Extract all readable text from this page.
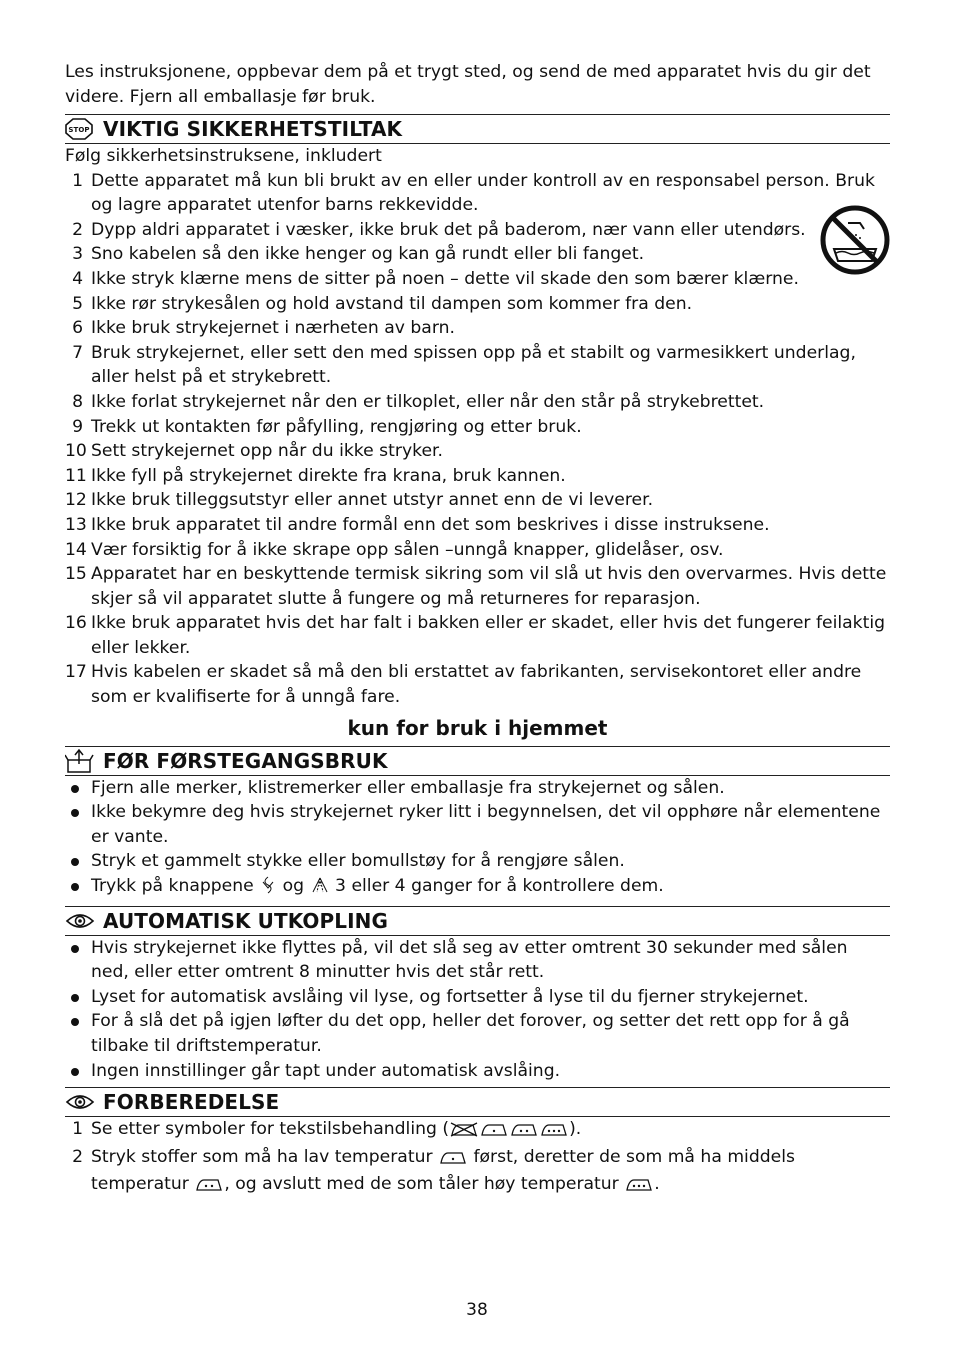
Les instruksjonene, oppbevar dem på et trygt sted, og send de med apparatet hvis du gir det videre. Fjern all emballasje før bruk.

STOP VIKTIG SIKKERHETSTILTAK
Følg sikkerhetsinstruksene, inkludert
1 Dette apparatet må kun bli brukt av en eller under kontroll av en responsabel person. Bruk og lagre apparatet utenfor barns rekkevidde.
2 Dypp aldri apparatet i væsker, ikke bruk det på baderom, nær vann eller utendørs.
3 Sno kabelen så den ikke henger og kan gå rundt eller bli fanget.
4 Ikke stryk klærne mens de sitter på noen – dette vil skade den som bærer klærne.
5 Ikke rør strykesålen og hold avstand til dampen som kommer fra den.
6 Ikke bruk strykejernet i nærheten av barn.
7 Bruk strykejernet, eller sett den med spissen opp på et stabilt og varmesikkert underlag, aller helst på et strykebrett.
8 Ikke forlat strykejernet når den er tilkoplet, eller når den står på strykebrettet.
9 Trekk ut kontakten før påfylling, rengjøring og etter bruk.
10 Sett strykejernet opp når du ikke stryker.
11 Ikke fyll på strykejernet direkte fra krana, bruk kannen.
12 Ikke bruk tilleggsutstyr eller annet utstyr annet enn de vi leverer.
13 Ikke bruk apparatet til andre formål enn det som beskrives i disse instruksene.
14 Vær forsiktig for å ikke skrape opp sålen –unngå knapper, glidelåser, osv.
15 Apparatet har en beskyttende termisk sikring som vil slå ut hvis den overvarmes. Hvis dette skjer så vil apparatet slutte å fungere og må returneres for reparasjon.
16 Ikke bruk apparatet hvis det har falt i bakken eller er skadet, eller hvis det fungerer feilaktig eller lekker.
17 Hvis kabelen er skadet så må den bli erstattet av fabrikanten, servisekontoret eller andre som er kvalifiserte for å unngå fare.
kun for bruk i hjemmet
FØR FØRSTEGANGSBRUK
Fjern alle merker, klistremerker eller emballasje fra strykejernet og sålen.
Ikke bekymre deg hvis strykejernet ryker litt i begynnelsen, det vil opphøre når elementene er vante.
Stryk et gammelt stykke eller bomullstøy for å rengjøre sålen.
Trykk på knappene og 3 eller 4 ganger for å kontrollere dem.
AUTOMATISK UTKOPLING
Hvis strykejernet ikke flyttes på, vil det slå seg av etter omtrent 30 sekunder med sålen ned, eller etter omtrent 8 minutter hvis det står rett.
Lyset for automatisk avslåing vil lyse, og fortsetter å lyse til du fjerner strykejernet.
For å slå det på igjen løfter du det opp, heller det forover, og setter det rett opp for å gå tilbake til driftstemperatur.
Ingen innstillinger går tapt under automatisk avslåing.
FORBEREDELSE
1 Se etter symboler for tekstilsbehandling (	).
2 Stryk stoffer som må ha lav temperatur først, deretter de som må ha middels temperatur , og avslutt med de som tåler høy temperatur .
38
